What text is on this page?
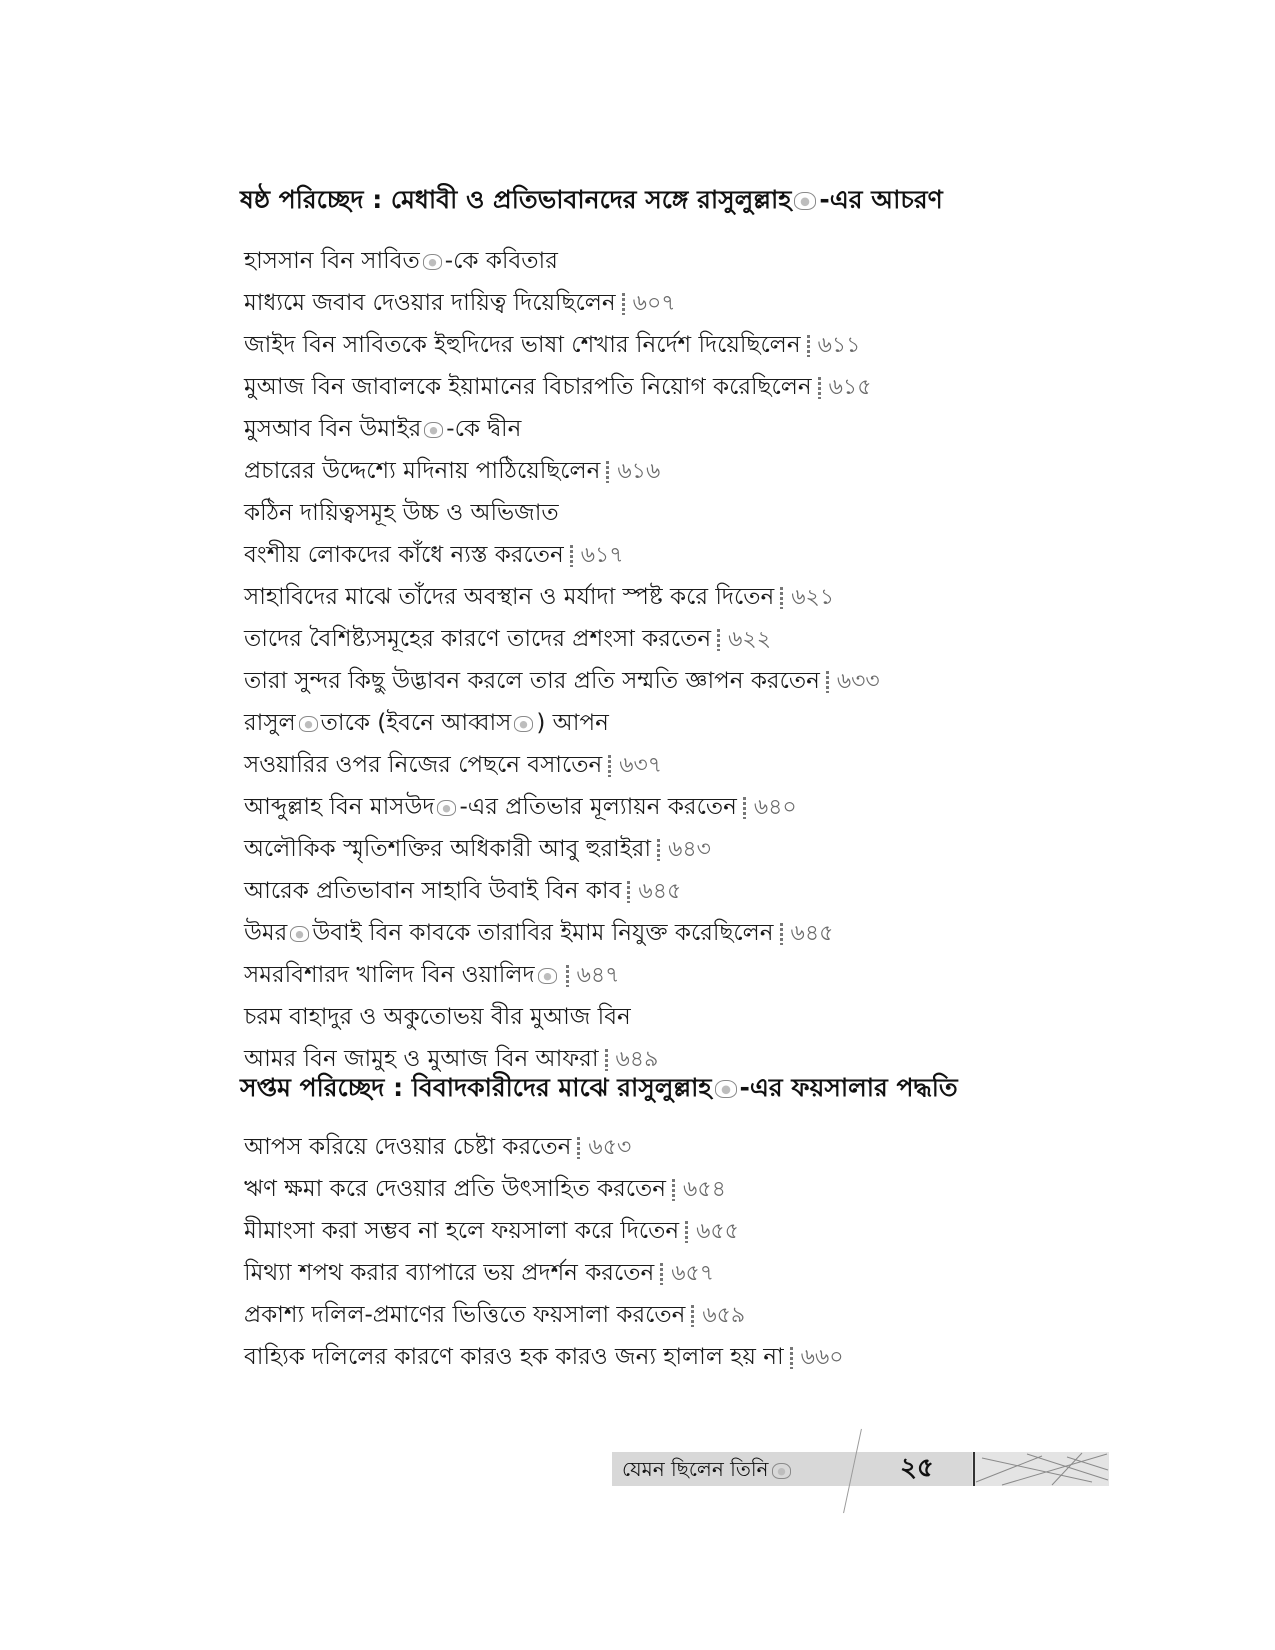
ষষ্ঠ পরিচ্ছেদ : মেধাবী ও প্রতিভাবানদের সঙ্গে রাসুলুল্লাহ -এর আচরণ
হাসসান বিন সাবিত -কে কবিতার
মাধ্যমে জবাব দেওয়ার দায়িত্ব দিয়েছিলেন ৬০৭
জাইদ বিন সাবিতকে ইহুদিদের ভাষা শেখার নির্দেশ দিয়েছিলেন ৬১১
মুআজ বিন জাবালকে ইয়ামানের বিচারপতি নিয়োগ করেছিলেন ৬১৫
মুসআব বিন উমাইর -কে দ্বীন
প্রচারের উদ্দেশ্যে মদিনায় পাঠিয়েছিলেন ৬১৬
কঠিন দায়িত্বসমূহ উচ্চ ও অভিজাত
বংশীয় লোকদের কাঁধে ন্যস্ত করতেন ৬১৭
সাহাবিদের মাঝে তাঁদের অবস্থান ও মর্যাদা স্পষ্ট করে দিতেন ৬২১
তাদের বৈশিষ্ট্যসমূহের কারণে তাদের প্রশংসা করতেন ৬২২
তারা সুন্দর কিছু উদ্ভাবন করলে তার প্রতি সম্মতি জ্ঞাপন করতেন ৬৩৩
রাসুল তাকে (ইবনে আব্বাস ) আপন
সওয়ারির ওপর নিজের পেছনে বসাতেন ৬৩৭
আব্দুল্লাহ বিন মাসউদ -এর প্রতিভার মূল্যায়ন করতেন ৬৪০
অলৌকিক স্মৃতিশক্তির অধিকারী আবু হুরাইরা ৬৪৩
আরেক প্রতিভাবান সাহাবি উবাই বিন কাব ৬৪৫
উমর উবাই বিন কাবকে তারাবির ইমাম নিযুক্ত করেছিলেন ৬৪৫
সমরবিশারদ খালিদ বিন ওয়ালিদ ৬৪৭
চরম বাহাদুর ও অকুতোভয় বীর মুআজ বিন
আমর বিন জামুহ ও মুআজ বিন আফরা ৬৪৯
সপ্তম পরিচ্ছেদ : বিবাদকারীদের মাঝে রাসুলুল্লাহ -এর ফয়সালার পদ্ধতি
আপস করিয়ে দেওয়ার চেষ্টা করতেন ৬৫৩
ঋণ ক্ষমা করে দেওয়ার প্রতি উৎসাহিত করতেন ৬৫৪
মীমাংসা করা সম্ভব না হলে ফয়সালা করে দিতেন ৬৫৫
মিথ্যা শপথ করার ব্যাপারে ভয় প্রদর্শন করতেন ৬৫৭
প্রকাশ্য দলিল-প্রমাণের ভিত্তিতে ফয়সালা করতেন ৬৫৯
বাহ্যিক দলিলের কারণে কারও হক কারও জন্য হালাল হয় না ৬৬০
যেমন ছিলেন তিনি	২৫
